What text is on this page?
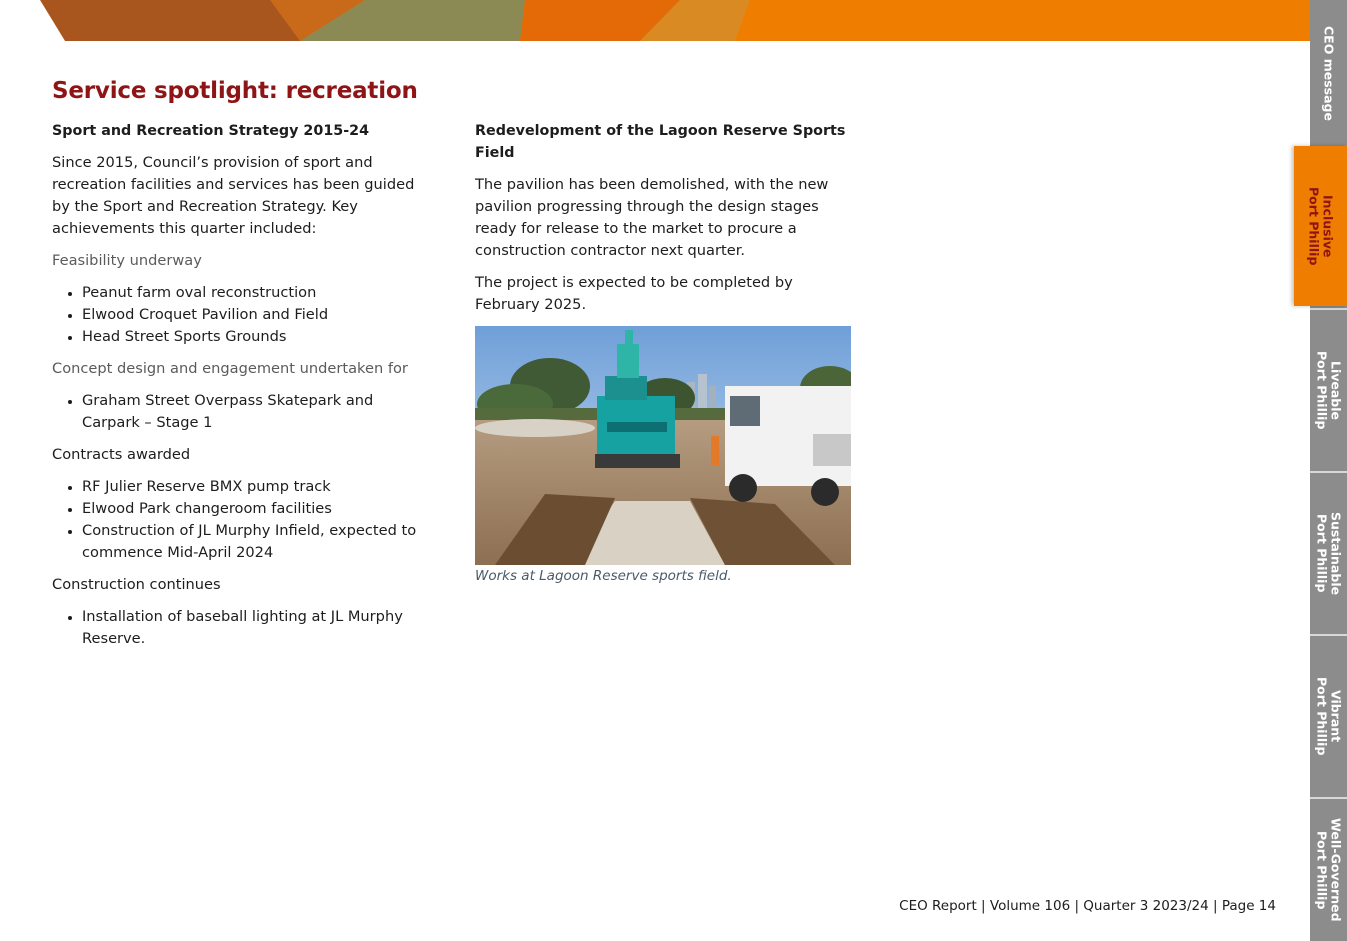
Service spotlight: recreation

Sport and Recreation Strategy 2015-24

Since 2015, Council’s provision of sport and recreation facilities and services has been guided by the Sport and Recreation Strategy. Key achievements this quarter included:

Feasibility underway

• Peanut farm oval reconstruction
• Elwood Croquet Pavilion and Field
• Head Street Sports Grounds

Concept design and engagement undertaken for

• Graham Street Overpass Skatepark and Carpark – Stage 1

Contracts awarded

• RF Julier Reserve BMX pump track
• Elwood Park changeroom facilities
• Construction of JL Murphy Infield, expected to commence Mid-April 2024

Construction continues

• Installation of baseball lighting at JL Murphy Reserve.

Redevelopment of the Lagoon Reserve Sports Field

The pavilion has been demolished, with the new pavilion progressing through the design stages ready for release to the market to procure a construction contractor next quarter.

The project is expected to be completed by February 2025.

Works at Lagoon Reserve sports field.

CEO Report | Volume 106 | Quarter 3 2023/24 | Page 14
CEO message
Inclusive
Port Phillip
Liveable
Port Phillip
Sustainable
Port Phillip
Vibrant
Port Phillip
Well-Governed
Port Phillip
